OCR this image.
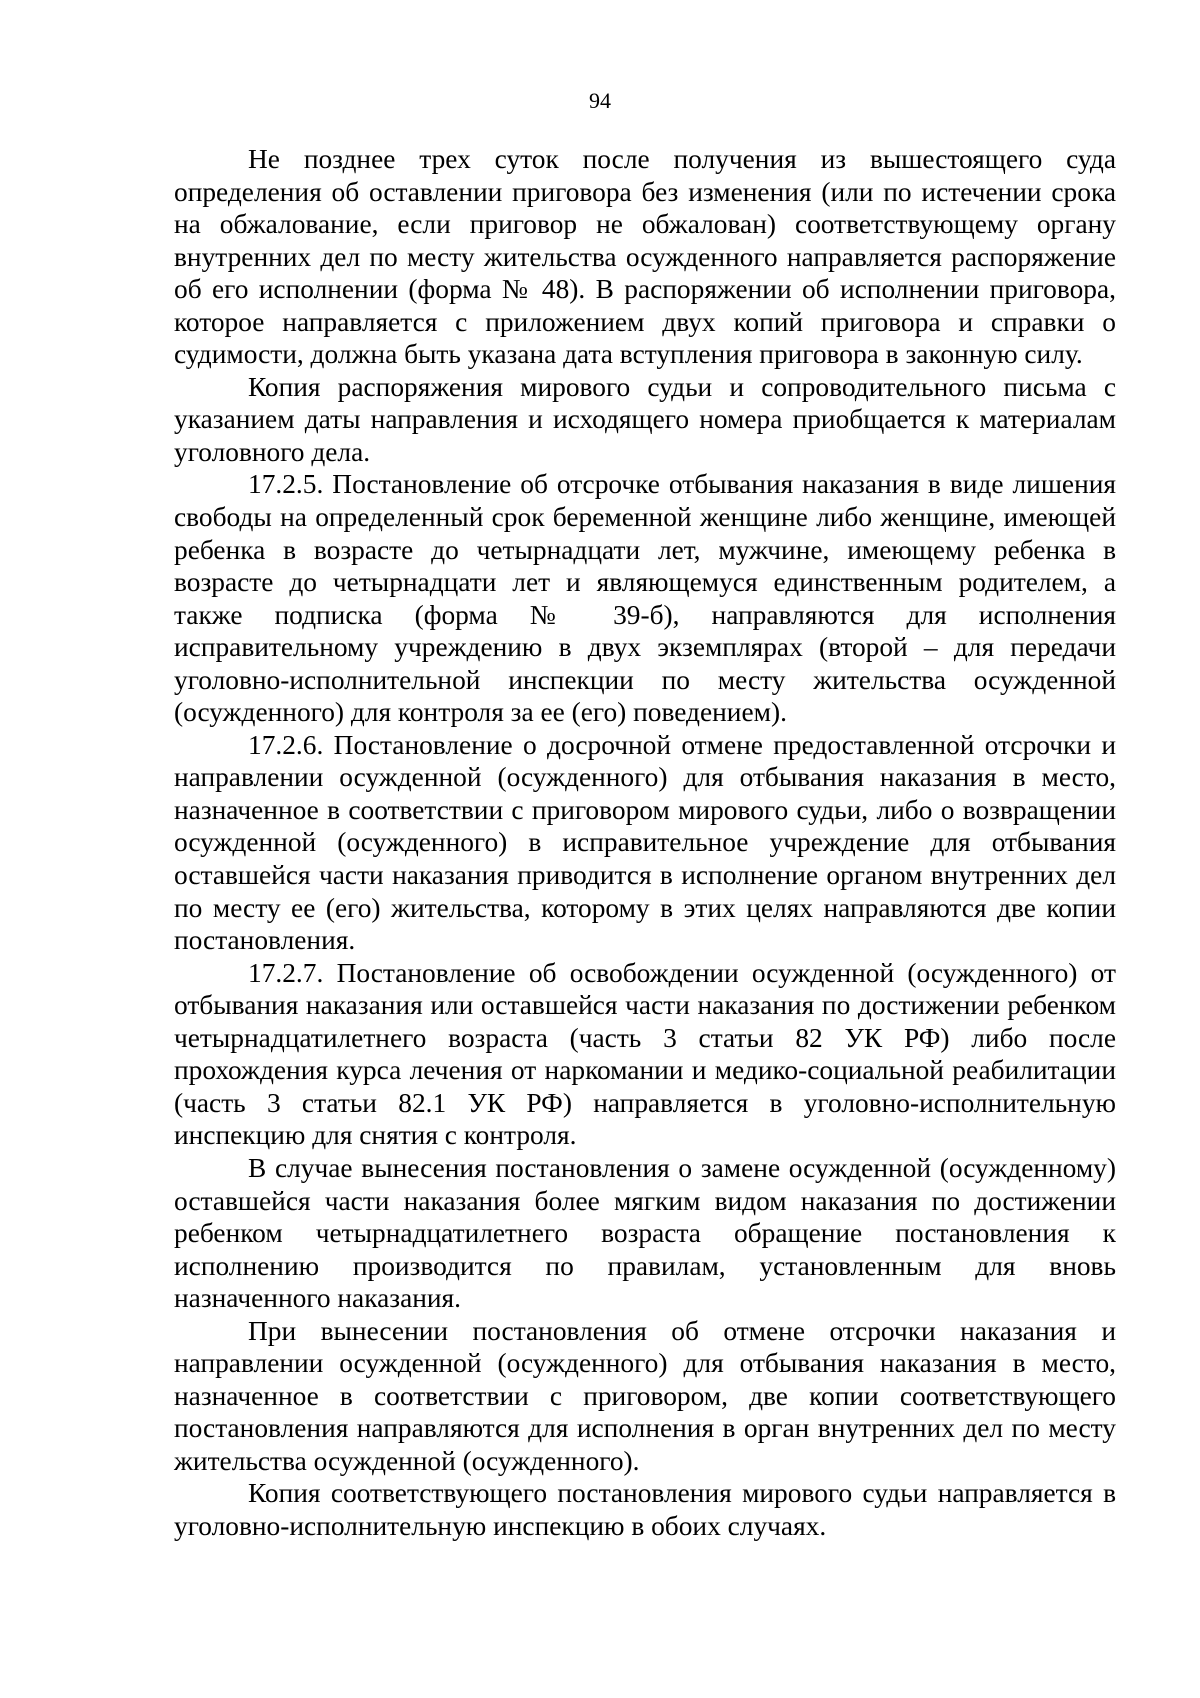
94

Не позднее трех суток после получения из вышестоящего суда определения об оставлении приговора без изменения (или по истечении срока на обжалование, если приговор не обжалован) соответствующему органу внутренних дел по месту жительства осужденного направляется распоряжение об его исполнении (форма № 48). В распоряжении об исполнении приговора, которое направляется с приложением двух копий приговора и справки о судимости, должна быть указана дата вступления приговора в законную силу.

Копия распоряжения мирового судьи и сопроводительного письма с указанием даты направления и исходящего номера приобщается к материалам уголовного дела.

17.2.5. Постановление об отсрочке отбывания наказания в виде лишения свободы на определенный срок беременной женщине либо женщине, имеющей ребенка в возрасте до четырнадцати лет, мужчине, имеющему ребенка в возрасте до четырнадцати лет и являющемуся единственным родителем, а также подписка (форма № 39-б), направляются для исполнения исправительному учреждению в двух экземплярах (второй – для передачи уголовно-исполнительной инспекции по месту жительства осужденной (осужденного) для контроля за ее (его) поведением).

17.2.6. Постановление о досрочной отмене предоставленной отсрочки и направлении осужденной (осужденного) для отбывания наказания в место, назначенное в соответствии с приговором мирового судьи, либо о возвращении осужденной (осужденного) в исправительное учреждение для отбывания оставшейся части наказания приводится в исполнение органом внутренних дел по месту ее (его) жительства, которому в этих целях направляются две копии постановления.

17.2.7. Постановление об освобождении осужденной (осужденного) от отбывания наказания или оставшейся части наказания по достижении ребенком четырнадцатилетнего возраста (часть 3 статьи 82 УК РФ) либо после прохождения курса лечения от наркомании и медико-социальной реабилитации (часть 3 статьи 82.1 УК РФ) направляется в уголовно-исполнительную инспекцию для снятия с контроля.

В случае вынесения постановления о замене осужденной (осужденному) оставшейся части наказания более мягким видом наказания по достижении ребенком четырнадцатилетнего возраста обращение постановления к исполнению производится по правилам, установленным для вновь назначенного наказания.

При вынесении постановления об отмене отсрочки наказания и направлении осужденной (осужденного) для отбывания наказания в место, назначенное в соответствии с приговором, две копии соответствующего постановления направляются для исполнения в орган внутренних дел по месту жительства осужденной (осужденного).

Копия соответствующего постановления мирового судьи направляется в уголовно-исполнительную инспекцию в обоих случаях.
